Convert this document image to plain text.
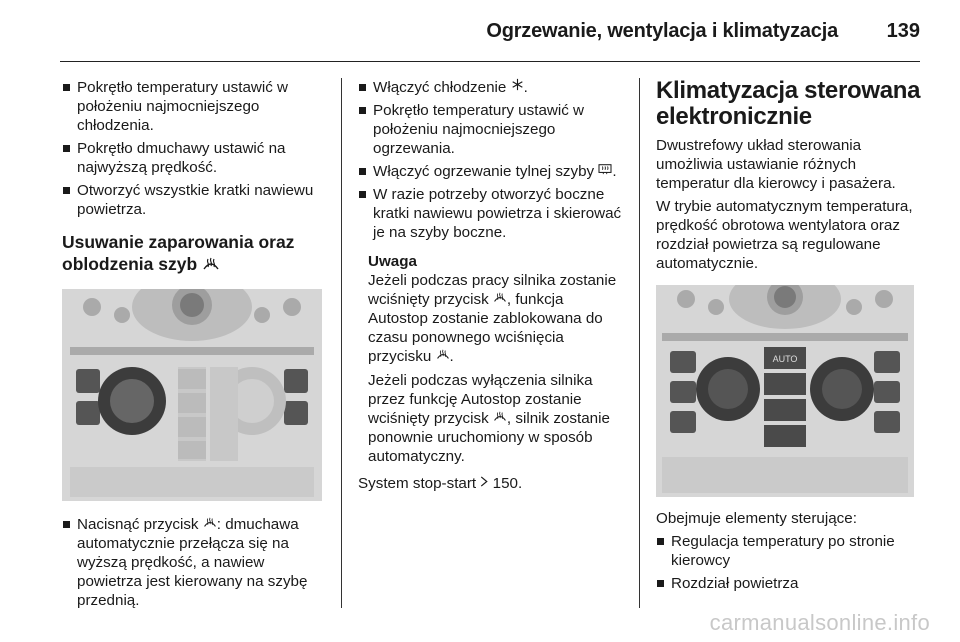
Ogrzewanie, wentylacja i klimatyzacja 139
Pokrętło temperatury ustawić w położeniu najmocniejszego chłodzenia.
Pokrętło dmuchawy ustawić na najwyższą prędkość.
Otworzyć wszystkie kratki nawiewu powietrza.
Usuwanie zaparowania oraz oblodzenia szyb
Nacisnąć przycisk : dmuchawa automatycznie przełącza się na wyższą prędkość, a nawiew powietrza jest kierowany na szybę przednią.
Włączyć chłodzenie .
Pokrętło temperatury ustawić w położeniu najmocniejszego ogrzewania.
Włączyć ogrzewanie tylnej szyby .
W razie potrzeby otworzyć boczne kratki nawiewu powietrza i skierować je na szyby boczne.
Uwaga

Jeżeli podczas pracy silnika zostanie wciśnięty przycisk , funkcja Autostop zostanie zablokowana do czasu ponownego wciśnięcia przycisku .

Jeżeli podczas wyłączenia silnika przez funkcję Autostop zostanie wciśnięty przycisk , silnik zostanie ponownie uruchomiony w sposób automatyczny.

System stop-start 150.
Klimatyzacja sterowana elektronicznie

Dwustrefowy układ sterowania umożliwia ustawianie różnych temperatur dla kierowcy i pasażera.

W trybie automatycznym temperatura, prędkość obrotowa wentylatora oraz rozdział powietrza są regulowane automatycznie.

AUTO

Obejmuje elementy sterujące:

Regulacja temperatury po stronie kierowcy
Rozdział powietrza
carmanualsonline.info
